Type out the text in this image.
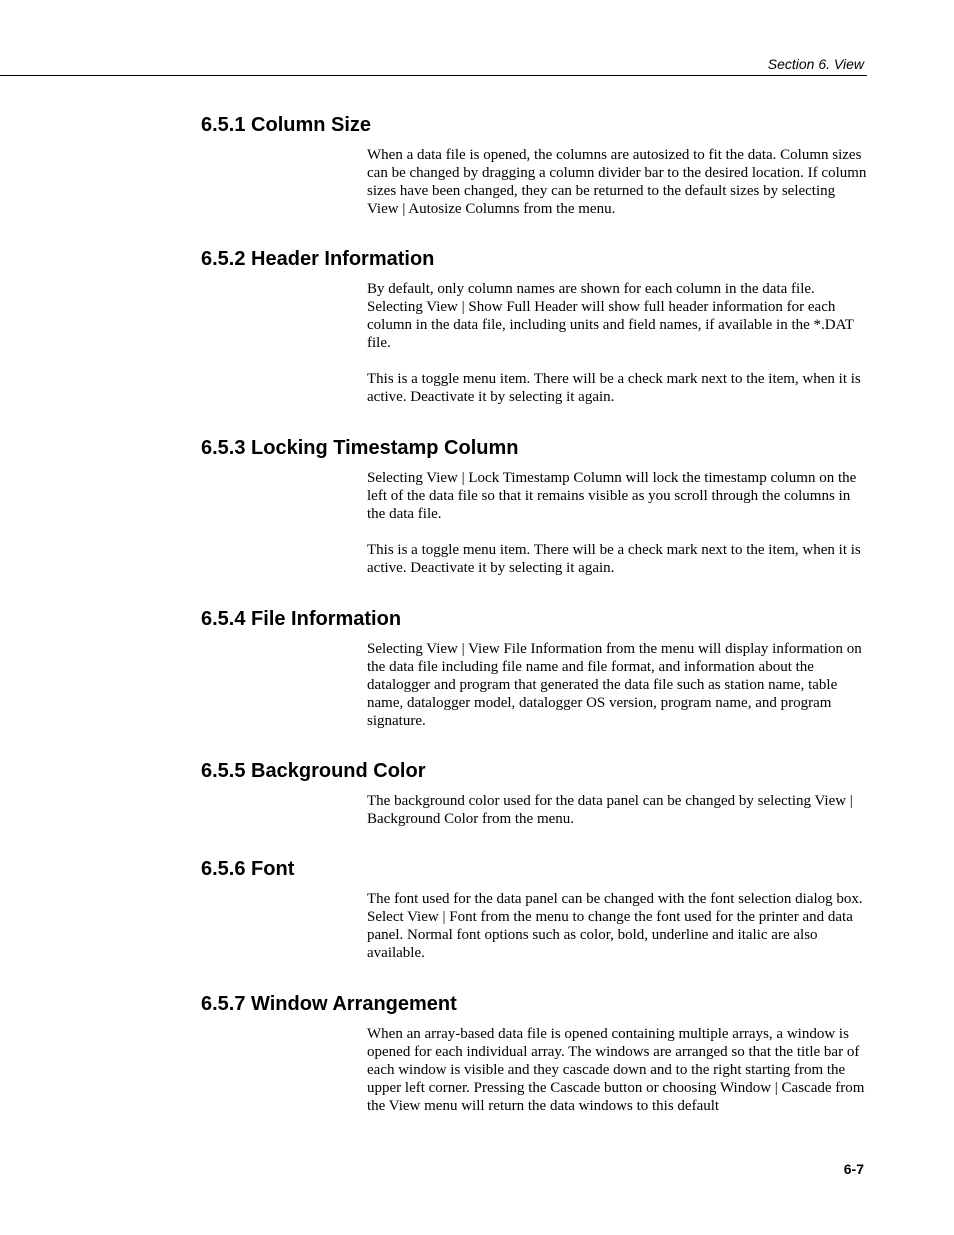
Section 6. View
6.5.1 Column Size

When a data file is opened, the columns are autosized to fit the data. Column sizes can be changed by dragging a column divider bar to the desired location. If column sizes have been changed, they can be returned to the default sizes by selecting View | Autosize Columns from the menu.

6.5.2 Header Information

By default, only column names are shown for each column in the data file. Selecting View | Show Full Header will show full header information for each column in the data file, including units and field names, if available in the *.DAT file.

This is a toggle menu item. There will be a check mark next to the item, when it is active. Deactivate it by selecting it again.

6.5.3 Locking Timestamp Column

Selecting View | Lock Timestamp Column will lock the timestamp column on the left of the data file so that it remains visible as you scroll through the columns in the data file.

This is a toggle menu item. There will be a check mark next to the item, when it is active. Deactivate it by selecting it again.

6.5.4 File Information

Selecting View | View File Information from the menu will display information on the data file including file name and file format, and information about the datalogger and program that generated the data file such as station name, table name, datalogger model, datalogger OS version, program name, and program signature.

6.5.5 Background Color

The background color used for the data panel can be changed by selecting View | Background Color from the menu.

6.5.6 Font

The font used for the data panel can be changed with the font selection dialog box. Select View | Font from the menu to change the font used for the printer and data panel. Normal font options such as color, bold, underline and italic are also available.

6.5.7 Window Arrangement

When an array-based data file is opened containing multiple arrays, a window is opened for each individual array. The windows are arranged so that the title bar of each window is visible and they cascade down and to the right starting from the upper left corner. Pressing the Cascade button or choosing Window | Cascade from the View menu will return the data windows to this default

6-7
